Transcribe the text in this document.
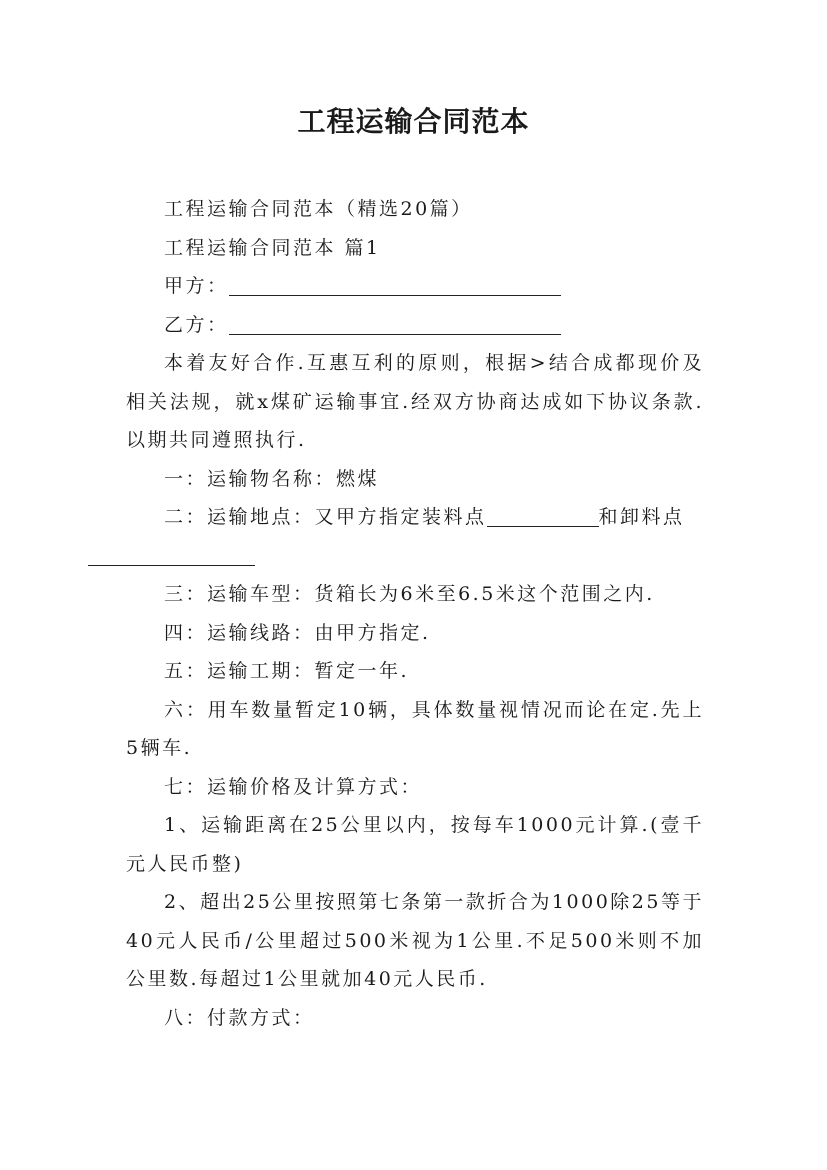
工程运输合同范本

工程运输合同范本（精选20篇）

工程运输合同范本 篇1

甲方：

乙方：

本着友好合作.互惠互利的原则，根据>结合成都现价及相关法规，就x煤矿运输事宜.经双方协商达成如下协议条款.以期共同遵照执行.

一：运输物名称：燃煤

二：运输地点：又甲方指定装料点	和卸料点

三：运输车型：货箱长为6米至6.5米这个范围之内.

四：运输线路：由甲方指定.

五：运输工期：暂定一年.

六：用车数量暂定10辆，具体数量视情况而论在定.先上5辆车.

七：运输价格及计算方式：

1、运输距离在25公里以内，按每车1000元计算.(壹千元人民币整)

2、超出25公里按照第七条第一款折合为1000除25等于40元人民币/公里超过500米视为1公里.不足500米则不加公里数.每超过1公里就加40元人民币.

八：付款方式：
